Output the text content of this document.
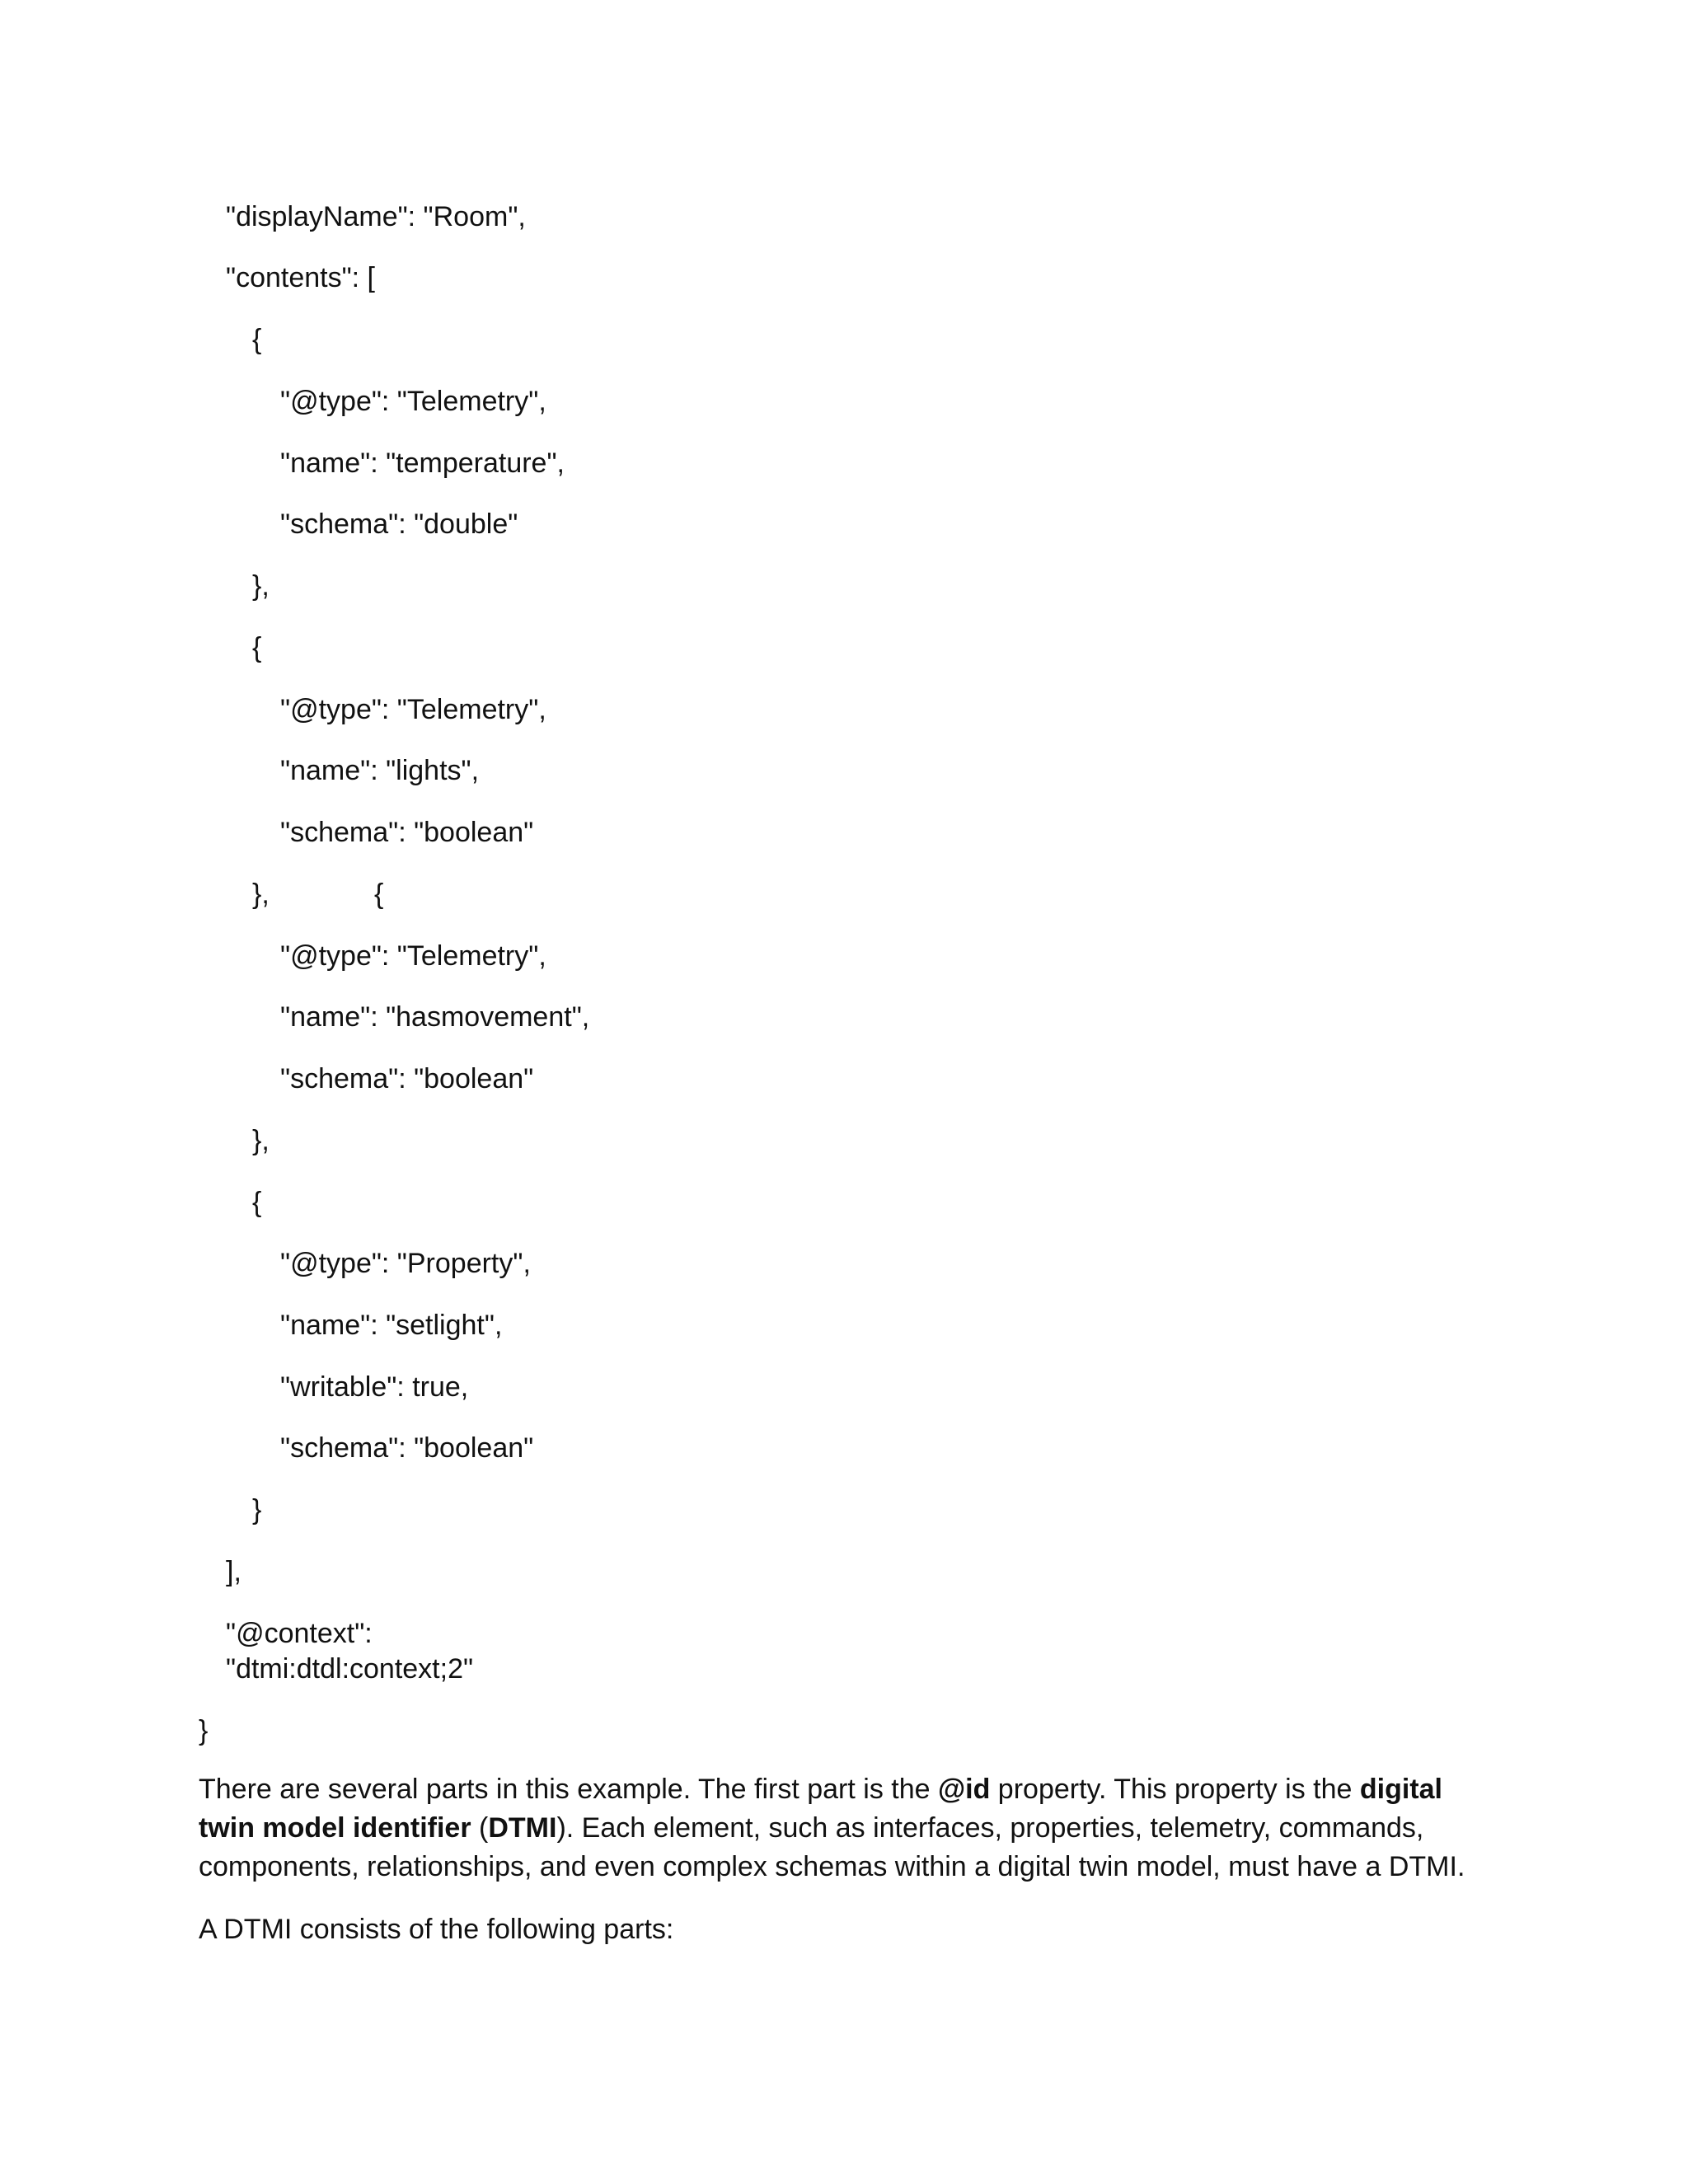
"displayName": "Room",
"contents": [
{
"@type": "Telemetry",
"name": "temperature",
"schema": "double"
},
{
"@type": "Telemetry",
"name": "lights",
"schema": "boolean"
},	{
"@type": "Telemetry",
"name": "hasmovement",
"schema": "boolean"
},
{
"@type": "Property",
"name": "setlight",
"writable": true,
"schema": "boolean"
}
],
"@context":
"dtmi:dtdl:context;2"
}

There are several parts in this example. The first part is the @id property. This property is the digital twin model identifier (DTMI). Each element, such as interfaces, properties, telemetry, commands, components, relationships, and even complex schemas within a digital twin model, must have a DTMI.

A DTMI consists of the following parts:
